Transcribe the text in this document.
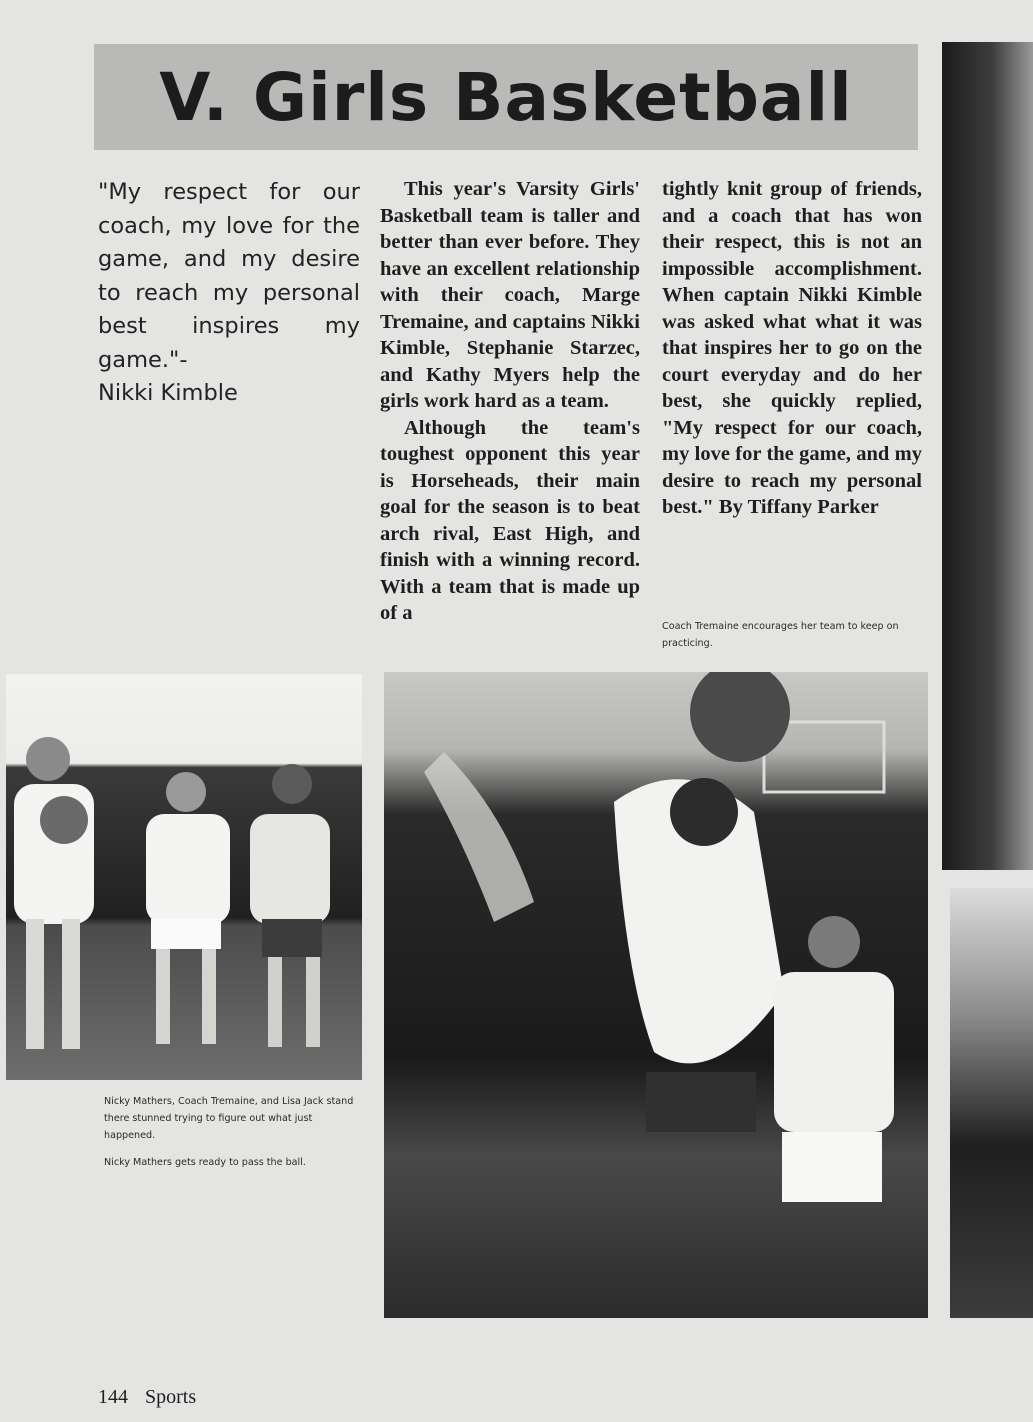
V. Girls Basketball
"My respect for our coach, my love for the game, and my desire to reach my personal best inspires my game."-
Nikki Kimble

This year's Varsity Girls' Basketball team is taller and better than ever before. They have an excellent relationship with their coach, Marge Tremaine, and captains Nikki Kimble, Stephanie Starzec, and Kathy Myers help the girls work hard as a team.

Although the team's toughest opponent this year is Horseheads, their main goal for the season is to beat arch rival, East High, and finish with a winning record. With a team that is made up of a

tightly knit group of friends, and a coach that has won their respect, this is not an impossible accomplishment. When captain Nikki Kimble was asked what what it was that inspires her to go on the court everyday and do her best, she quickly replied, "My respect for our coach, my love for the game, and my desire to reach my personal best." By Tiffany Parker

Coach Tremaine encourages her team to keep on practicing.
Nicky Mathers, Coach Tremaine, and Lisa Jack stand there stunned trying to figure out what just happened.
Nicky Mathers gets ready to pass the ball.
144 Sports
